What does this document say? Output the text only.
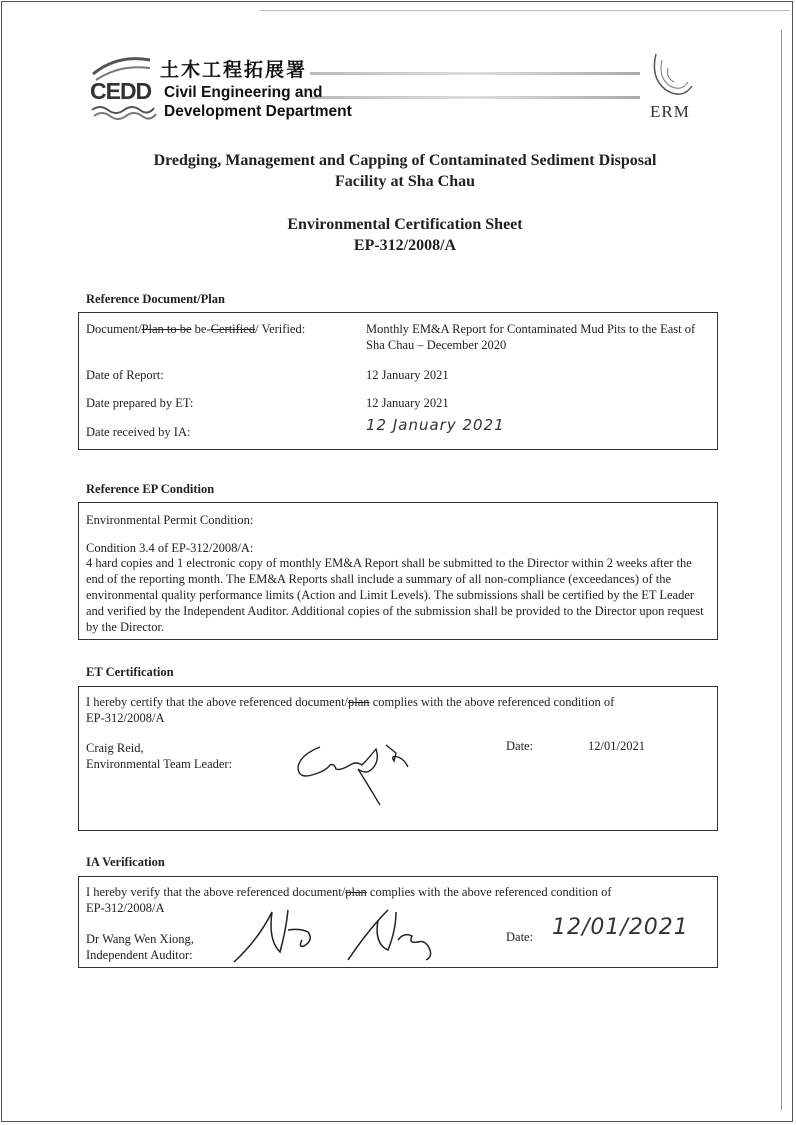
CEDD
土木工程拓展署
Civil Engineering and
Development Department	ERM
Dredging, Management and Capping of Contaminated Sediment Disposal
Facility at Sha Chau
Environmental Certification Sheet
EP-312/2008/A
Reference Document/Plan
Document/Plan to be be-Certified/ Verified:	Monthly EM&A Report for Contaminated Mud Pits to the East of Sha Chau – December 2020
Date of Report:	12 January 2021
Date prepared by ET:	12 January 2021
Date received by IA:	12 January 2021
Reference EP Condition
Environmental Permit Condition:
Condition 3.4 of EP-312/2008/A:
4 hard copies and 1 electronic copy of monthly EM&A Report shall be submitted to the Director within 2 weeks after the end of the reporting month. The EM&A Reports shall include a summary of all non-compliance (exceedances) of the environmental quality performance limits (Action and Limit Levels). The submissions shall be certified by the ET Leader and verified by the Independent Auditor. Additional copies of the submission shall be provided to the Director upon request by the Director.
ET Certification
I hereby certify that the above referenced document/plan complies with the above referenced condition of
EP-312/2008/A
Craig Reid,
Environmental Team Leader:
Date:	12/01/2021
IA Verification
I hereby verify that the above referenced document/plan complies with the above referenced condition of
EP-312/2008/A
Dr Wang Wen Xiong,
Independent Auditor:
Date: 12/01/2021
